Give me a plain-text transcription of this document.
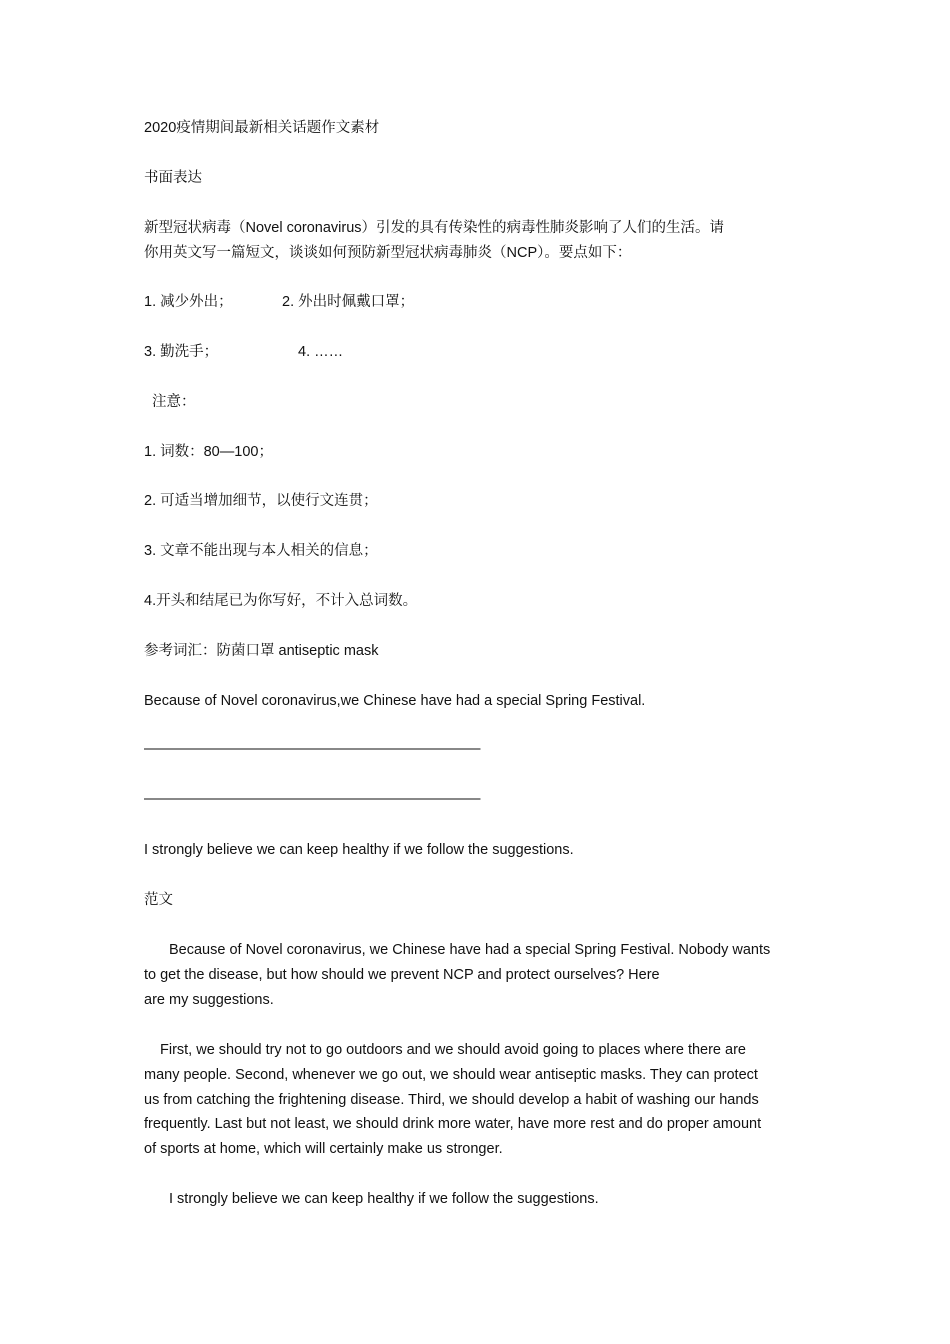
2020疫情期间最新相关话题作文素材
书面表达
新型冠状病毒（Novel coronavirus）引发的具有传染性的病毒性肺炎影响了人们的生活。请
你用英文写一篇短文，谈谈如何预防新型冠状病毒肺炎（NCP）。要点如下：
1. 减少外出；	2. 外出时佩戴口罩；
3. 勤洗手；	4. ……
注意：
1. 词数：80—100；
2. 可适当增加细节，以使行文连贯；
3. 文章不能出现与本人相关的信息；
4.开头和结尾已为你写好，不计入总词数。
参考词汇：防菌口罩 antiseptic mask
Because of Novel coronavirus,we Chinese have had a special Spring Festival.
————————————————————————
————————————————————————
I strongly believe we can keep healthy if we follow the suggestions.
范文
Because of Novel coronavirus, we Chinese have had a special Spring Festival. Nobody wants
to get the disease, but how should we prevent NCP and protect ourselves? Here
are my suggestions.
First, we should try not to go outdoors and we should avoid going to places where there are
many people. Second, whenever we go out, we should wear antiseptic masks. They can protect
us from catching the frightening disease. Third, we should develop a habit of washing our hands
frequently. Last but not least, we should drink more water, have more rest and do proper amount
of sports at home, which will certainly make us stronger.
I strongly believe we can keep healthy if we follow the suggestions.
